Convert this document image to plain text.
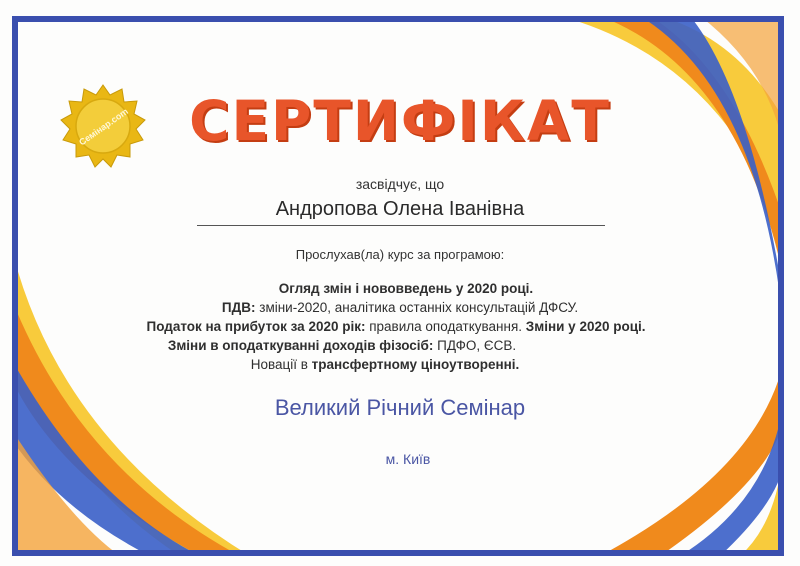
Семінар.com	СЕРТИФІКАТ
засвідчує, що
Андропова Олена Іванівна
Прослухав(ла) курс за програмою:
Огляд змін і нововведень у 2020 році.
ПДВ: зміни-2020, аналітика останніх консультацій ДФСУ.
Податок на прибуток за 2020 рік: правила оподаткування. Зміни у 2020 році.
Зміни в оподаткуванні доходів фізосіб: ПДФО, ЄСВ.
Новації в трансфертному ціноутворенні.
Великий Річний Семінар
м. Київ
